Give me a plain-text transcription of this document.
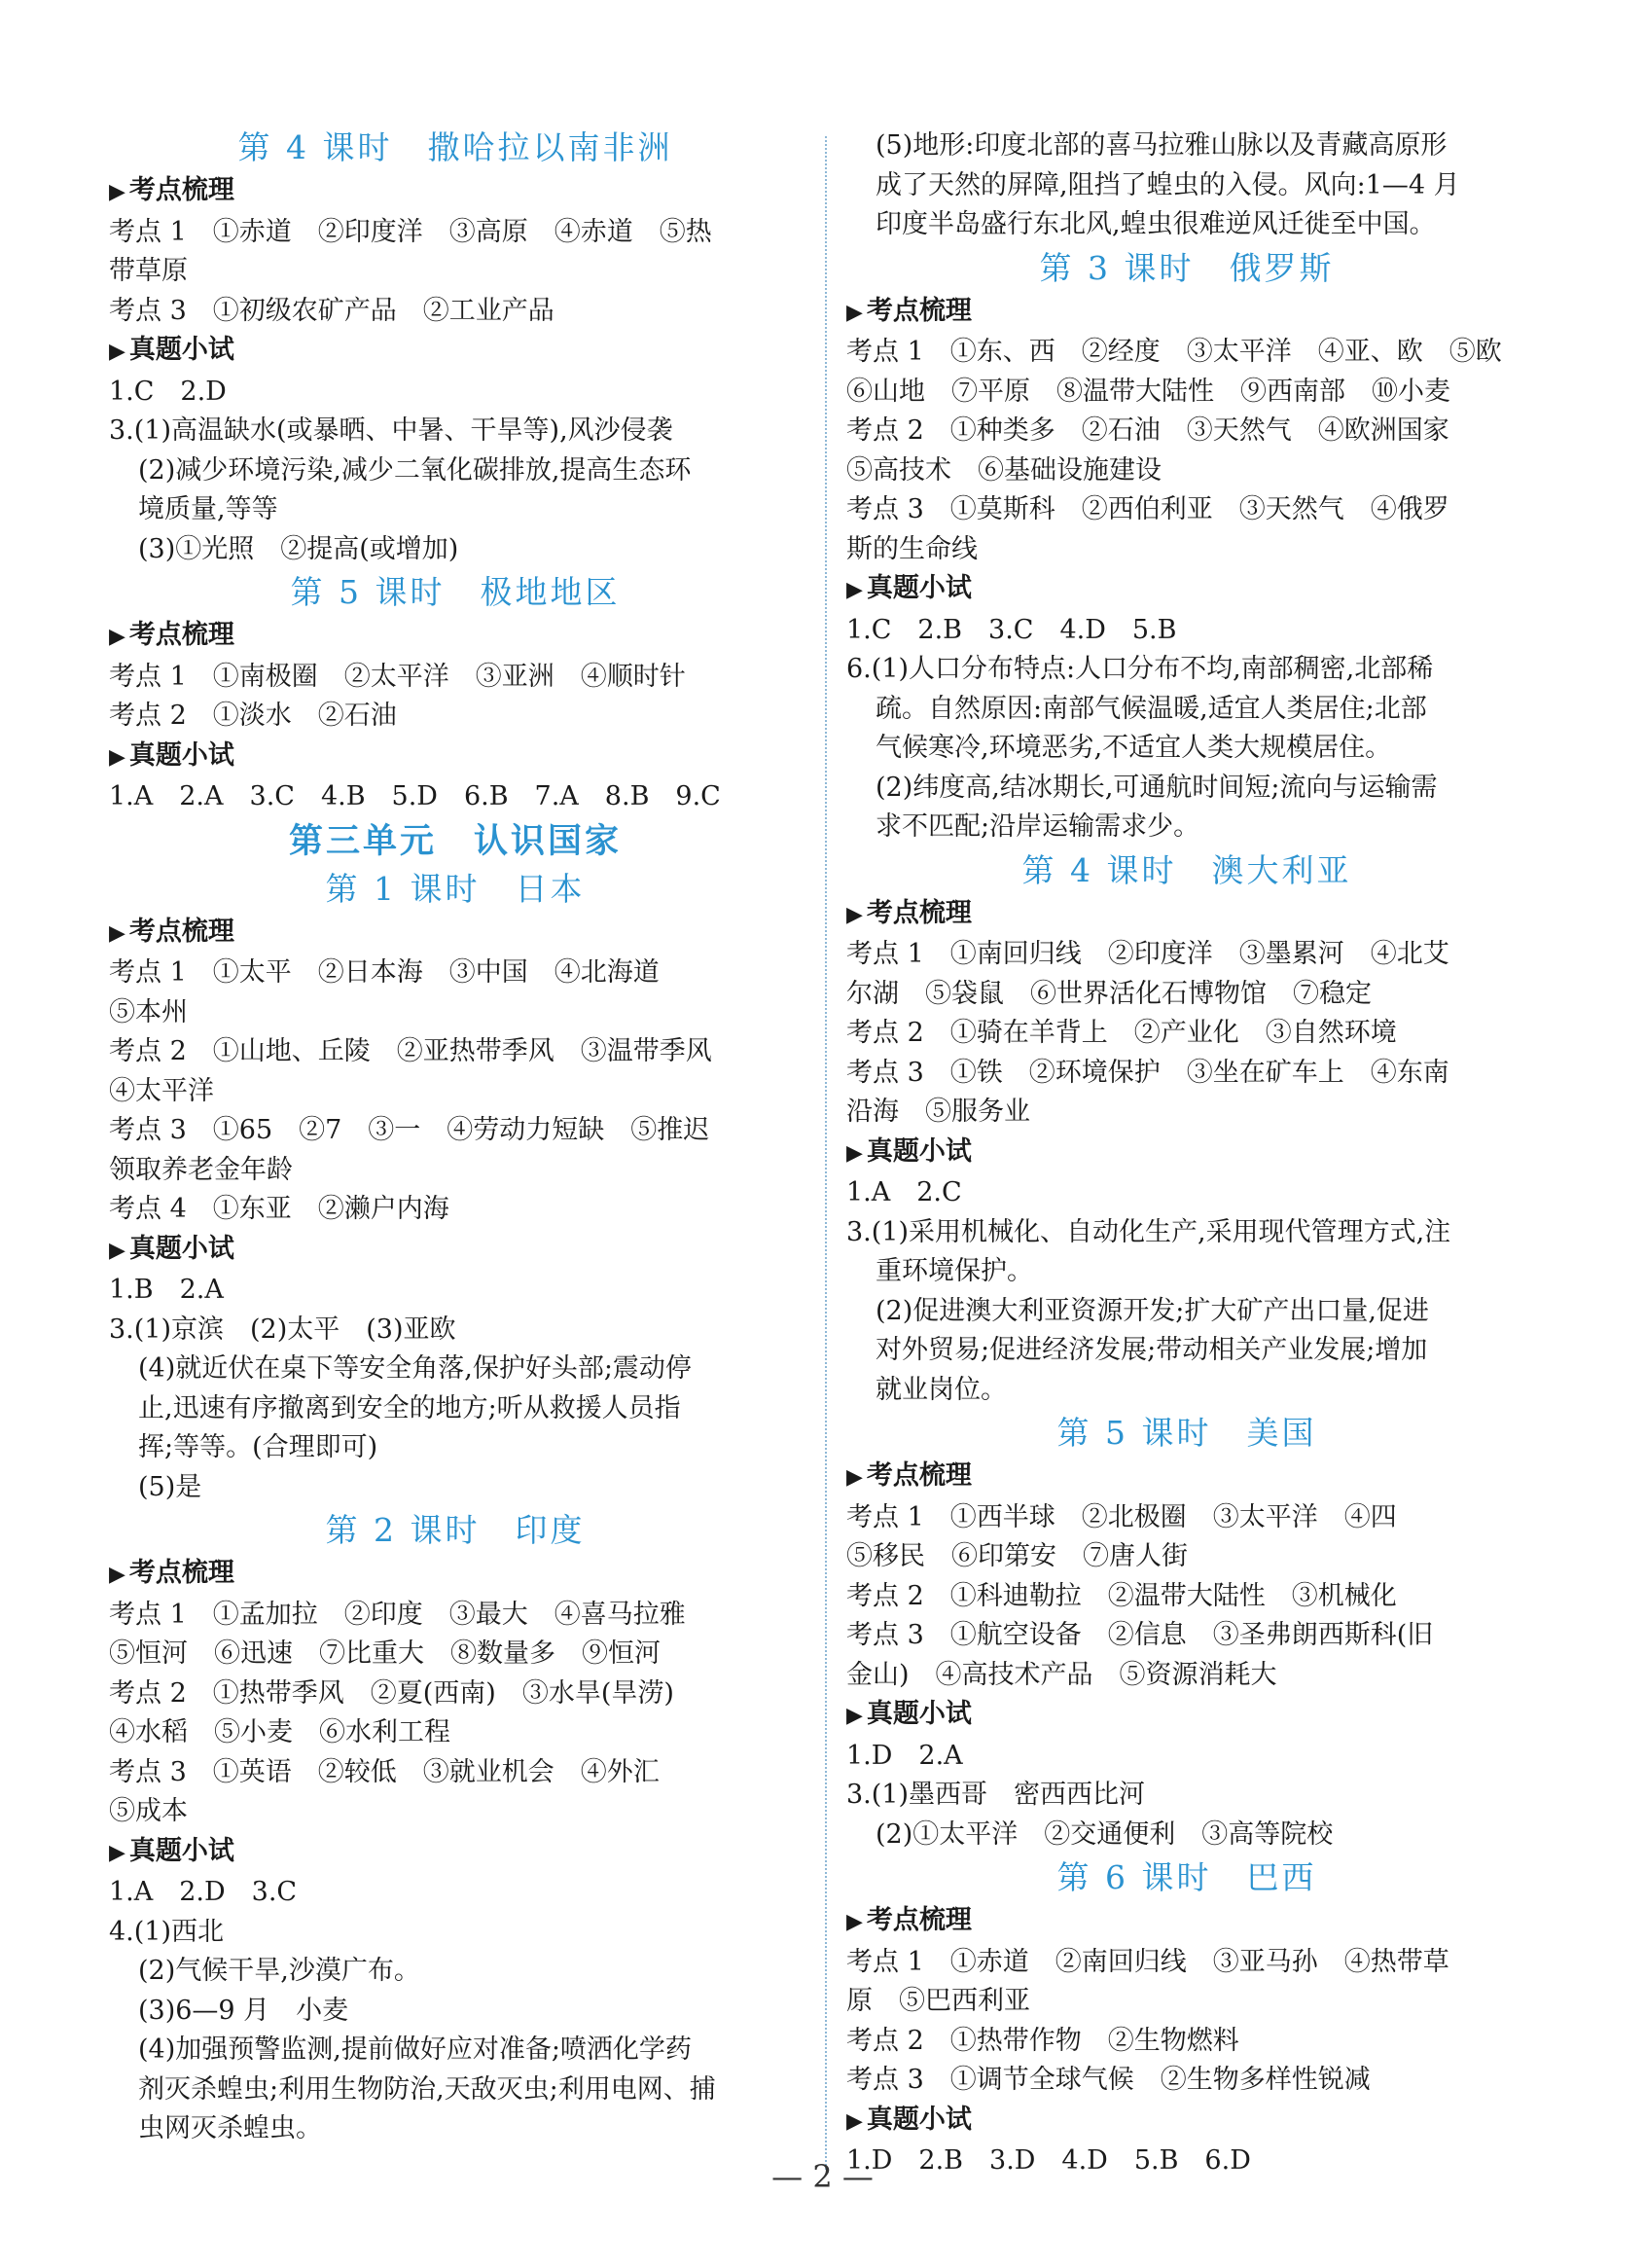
第 4 课时 撒哈拉以南非洲
▶ 考点梳理
考点 1　①赤道　②印度洋　③高原　④赤道　⑤热
带草原
考点 3　①初级农矿产品　②工业产品
▶ 真题小试
1.C　2.D
3.(1)高温缺水(或暴晒、中暑、干旱等),风沙侵袭
(2)减少环境污染,减少二氧化碳排放,提高生态环
境质量,等等
(3)①光照　②提高(或增加)
第 5 课时 极地地区
▶ 考点梳理
考点 1　①南极圈　②太平洋　③亚洲　④顺时针
考点 2　①淡水　②石油
▶ 真题小试
1.A　2.A　3.C　4.B　5.D　6.B　7.A　8.B　9.C
第三单元　认识国家
第 1 课时 日本
▶ 考点梳理
考点 1　①太平　②日本海　③中国　④北海道
⑤本州
考点 2　①山地、丘陵　②亚热带季风　③温带季风
④太平洋
考点 3　①65　②7　③一　④劳动力短缺　⑤推迟
领取养老金年龄
考点 4　①东亚　②濑户内海
▶ 真题小试
1.B　2.A
3.(1)京滨　(2)太平　(3)亚欧
(4)就近伏在桌下等安全角落,保护好头部;震动停
止,迅速有序撤离到安全的地方;听从救援人员指
挥;等等。(合理即可)
(5)是
第 2 课时 印度
▶ 考点梳理
考点 1　①孟加拉　②印度　③最大　④喜马拉雅
⑤恒河　⑥迅速　⑦比重大　⑧数量多　⑨恒河
考点 2　①热带季风　②夏(西南)　③水旱(旱涝)
④水稻　⑤小麦　⑥水利工程
考点 3　①英语　②较低　③就业机会　④外汇
⑤成本
▶ 真题小试
1.A　2.D　3.C
4.(1)西北
(2)气候干旱,沙漠广布。
(3)6—9 月　小麦
(4)加强预警监测,提前做好应对准备;喷洒化学药
剂灭杀蝗虫;利用生物防治,天敌灭虫;利用电网、捕
虫网灭杀蝗虫。
(5)地形:印度北部的喜马拉雅山脉以及青藏高原形
成了天然的屏障,阻挡了蝗虫的入侵。风向:1—4 月
印度半岛盛行东北风,蝗虫很难逆风迁徙至中国。
第 3 课时 俄罗斯
▶ 考点梳理
考点 1　①东、西　②经度　③太平洋　④亚、欧　⑤欧
⑥山地　⑦平原　⑧温带大陆性　⑨西南部　⑩小麦
考点 2　①种类多　②石油　③天然气　④欧洲国家
⑤高技术　⑥基础设施建设
考点 3　①莫斯科　②西伯利亚　③天然气　④俄罗
斯的生命线
▶ 真题小试
1.C　2.B　3.C　4.D　5.B
6.(1)人口分布特点:人口分布不均,南部稠密,北部稀
疏。自然原因:南部气候温暖,适宜人类居住;北部
气候寒冷,环境恶劣,不适宜人类大规模居住。
(2)纬度高,结冰期长,可通航时间短;流向与运输需
求不匹配;沿岸运输需求少。
第 4 课时 澳大利亚
▶ 考点梳理
考点 1　①南回归线　②印度洋　③墨累河　④北艾
尔湖　⑤袋鼠　⑥世界活化石博物馆　⑦稳定
考点 2　①骑在羊背上　②产业化　③自然环境
考点 3　①铁　②环境保护　③坐在矿车上　④东南
沿海　⑤服务业
▶ 真题小试
1.A　2.C
3.(1)采用机械化、自动化生产,采用现代管理方式,注
重环境保护。
(2)促进澳大利亚资源开发;扩大矿产出口量,促进
对外贸易;促进经济发展;带动相关产业发展;增加
就业岗位。
第 5 课时 美国
▶ 考点梳理
考点 1　①西半球　②北极圈　③太平洋　④四
⑤移民　⑥印第安　⑦唐人街
考点 2　①科迪勒拉　②温带大陆性　③机械化
考点 3　①航空设备　②信息　③圣弗朗西斯科(旧
金山)　④高技术产品　⑤资源消耗大
▶ 真题小试
1.D　2.A
3.(1)墨西哥　密西西比河
(2)①太平洋　②交通便利　③高等院校
第 6 课时 巴西
▶ 考点梳理
考点 1　①赤道　②南回归线　③亚马孙　④热带草
原　⑤巴西利亚
考点 2　①热带作物　②生物燃料
考点 3　①调节全球气候　②生物多样性锐减
▶ 真题小试
1.D　2.B　3.D　4.D　5.B　6.D
— 2 —
